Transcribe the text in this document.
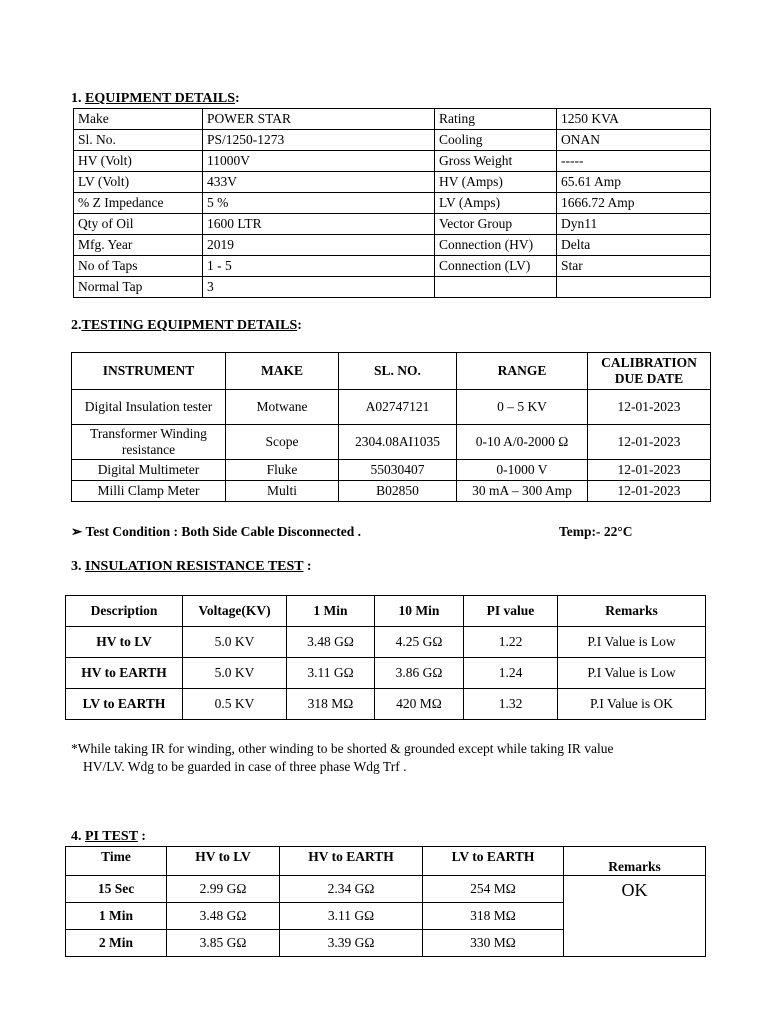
1. EQUIPMENT DETAILS:
Make	POWER STAR	Rating	1250 KVA
Sl. No.	PS/1250-1273	Cooling	ONAN
HV (Volt)	11000V	Gross Weight	-----
LV (Volt)	433V	HV (Amps)	65.61 Amp
% Z Impedance	5 %	LV (Amps)	1666.72 Amp
Qty of Oil	1600 LTR	Vector Group	Dyn11
Mfg. Year	2019	Connection (HV)	Delta
No of Taps	1 - 5	Connection (LV)	Star
Normal Tap	3		
2.TESTING EQUIPMENT DETAILS:
INSTRUMENT	MAKE	SL. NO.	RANGE	CALIBRATION DUE DATE
Digital Insulation tester	Motwane	A02747121	0 – 5 KV	12-01-2023
Transformer Winding resistance	Scope	2304.08AI1035	0-10 A/0-2000 Ω	12-01-2023
Digital Multimeter	Fluke	55030407	0-1000 V	12-01-2023
Milli Clamp Meter	Multi	B02850	30 mA – 300 Amp	12-01-2023
➢ Test Condition : Both Side Cable Disconnected .	Temp:- 22°C
3. INSULATION RESISTANCE TEST :
Description	Voltage(KV)	1 Min	10 Min	PI value	Remarks
HV to LV	5.0 KV	3.48 GΩ	4.25 GΩ	1.22	P.I Value is Low
HV to EARTH	5.0 KV	3.11 GΩ	3.86 GΩ	1.24	P.I Value is Low
LV to EARTH	0.5 KV	318 MΩ	420 MΩ	1.32	P.I Value is OK
*While taking IR for winding, other winding to be shorted & grounded except while taking IR value
HV/LV. Wdg to be guarded in case of three phase Wdg Trf .
4. PI TEST :
Time	HV to LV	HV to EARTH	LV to EARTH	Remarks
15 Sec	2.99 GΩ	2.34 GΩ	254 MΩ	OK
1 Min	3.48 GΩ	3.11 GΩ	318 MΩ	
2 Min	3.85 GΩ	3.39 GΩ	330 MΩ	
